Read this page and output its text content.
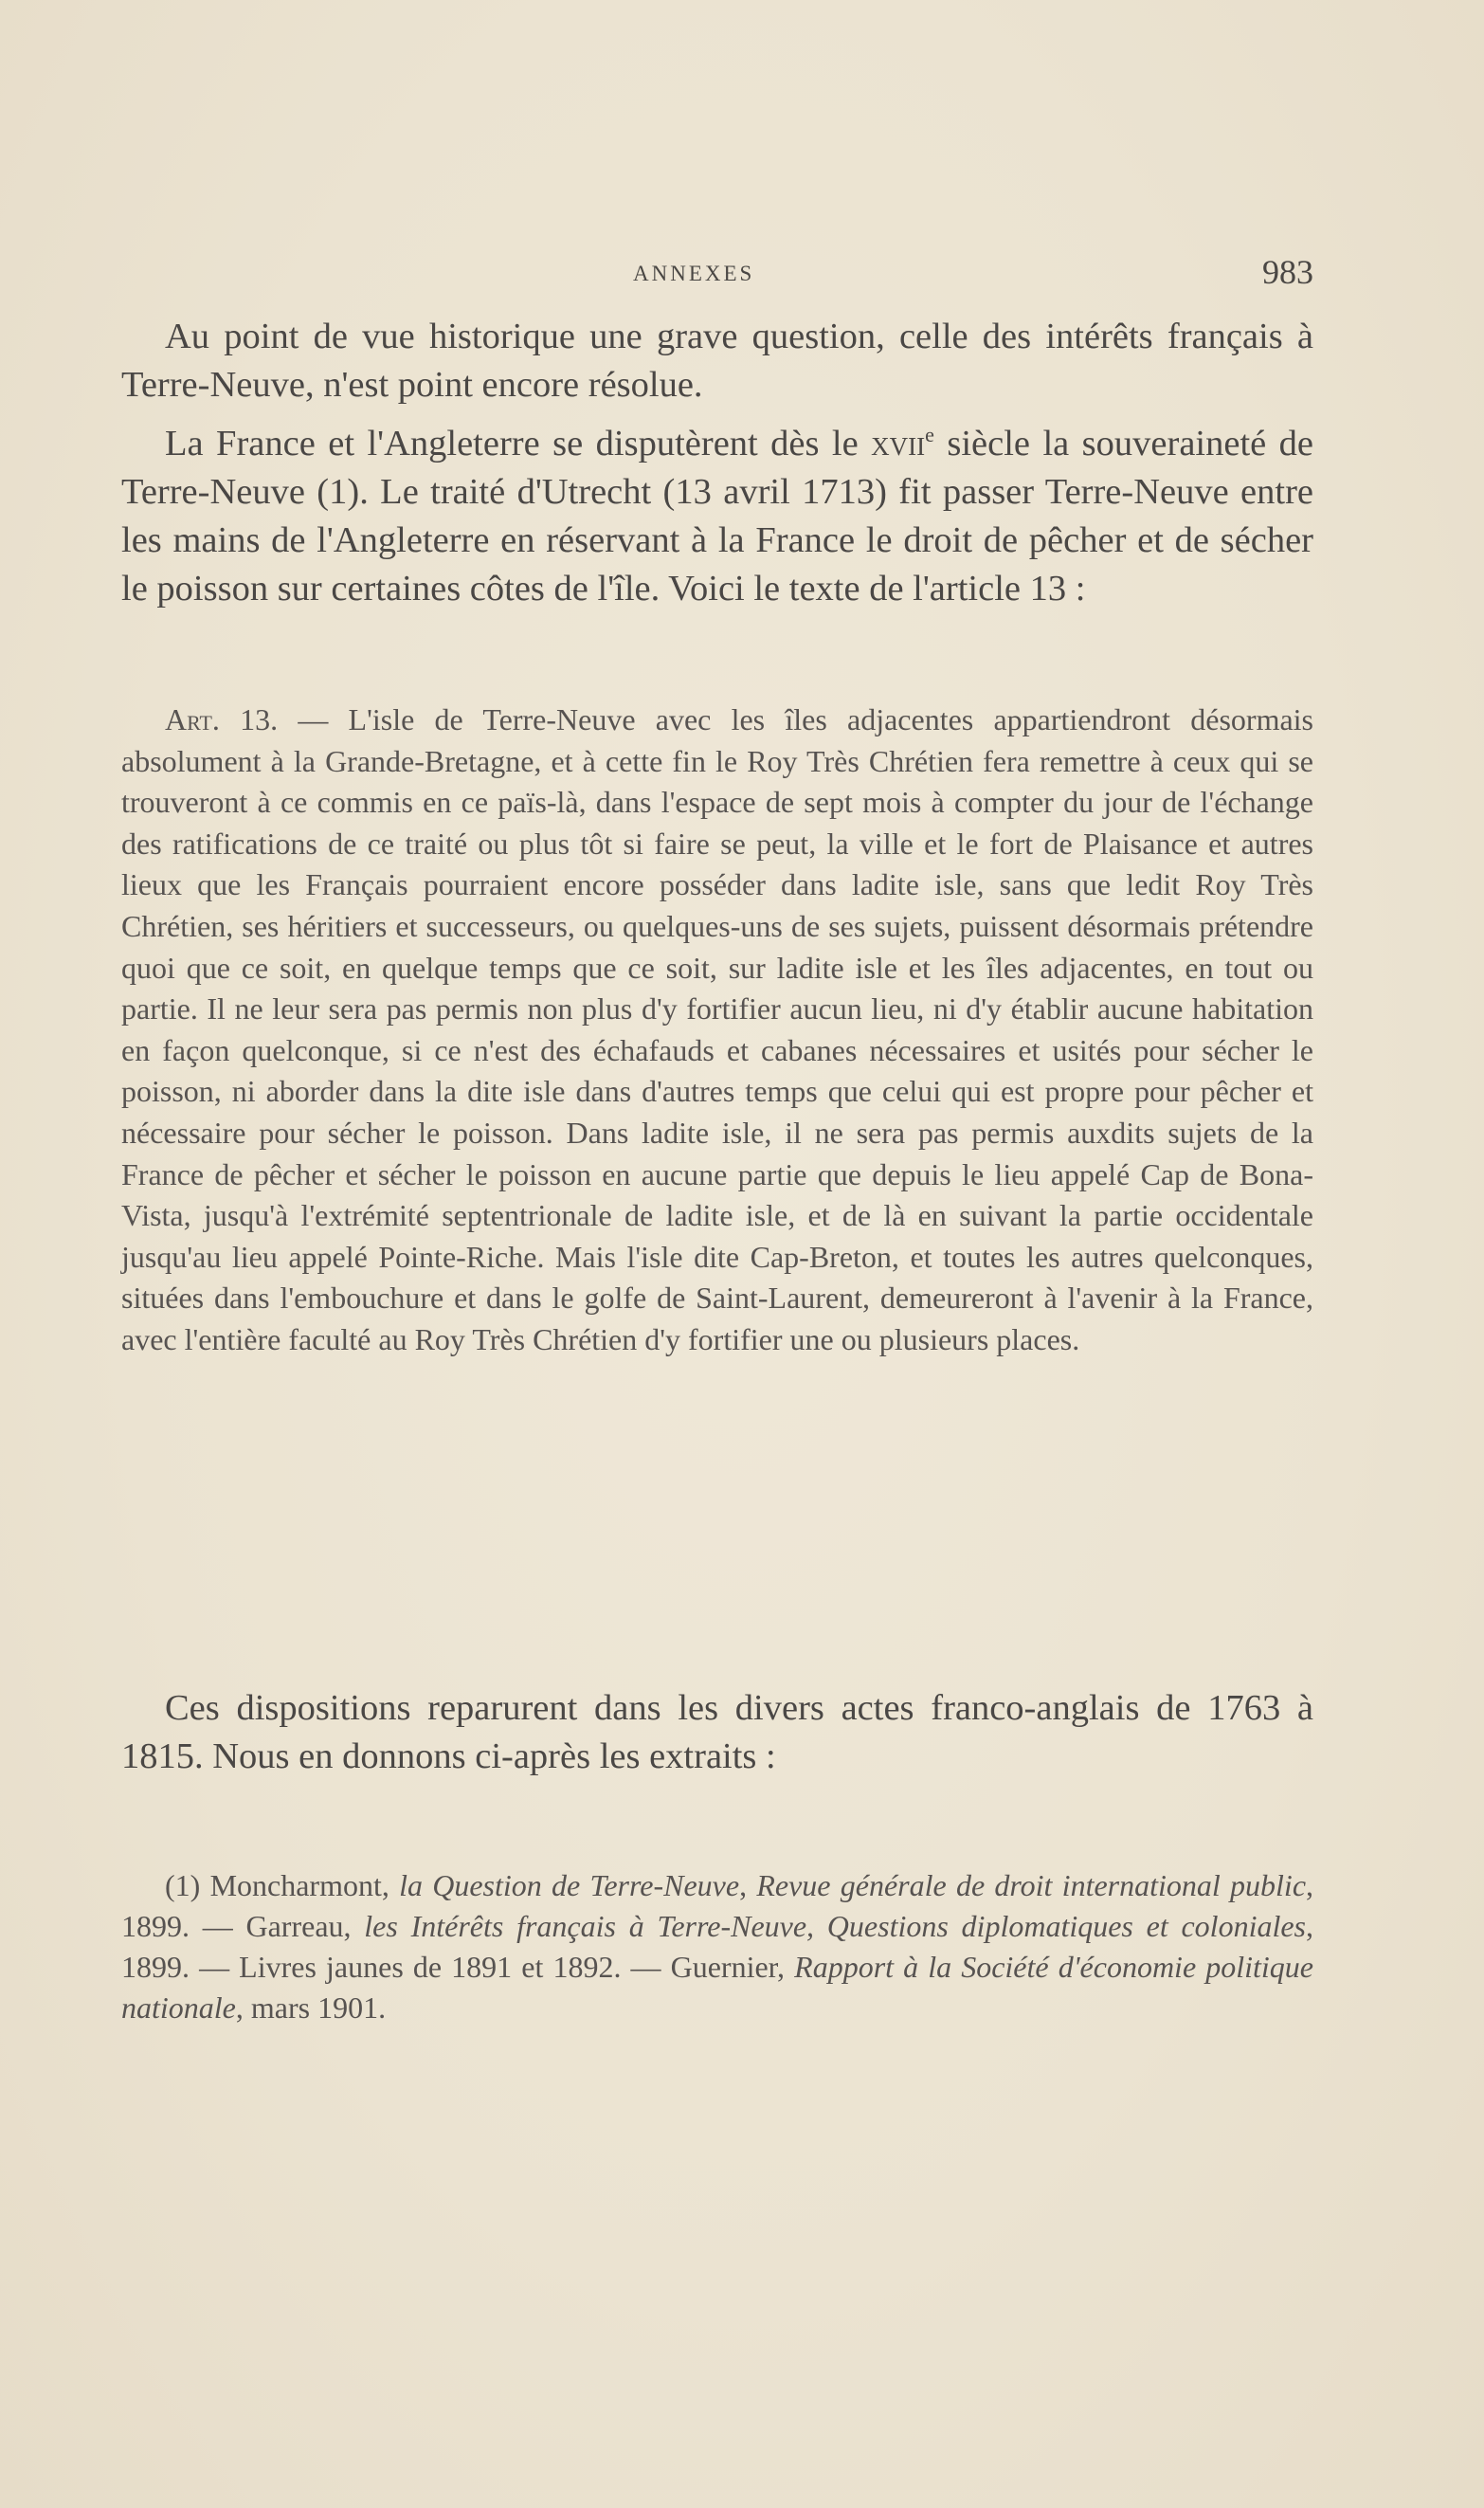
ANNEXES	983

Au point de vue historique une grave question, celle des intérêts français à Terre-Neuve, n'est point encore résolue.

La France et l'Angleterre se disputèrent dès le xvii$^e$ siècle la souveraineté de Terre-Neuve (1). Le traité d'Utrecht (13 avril 1713) fit passer Terre-Neuve entre les mains de l'Angleterre en réservant à la France le droit de pêcher et de sécher le poisson sur certaines côtes de l'île. Voici le texte de l'article 13 :

Art. 13. — L'isle de Terre-Neuve avec les îles adjacentes appartiendront désormais absolument à la Grande-Bretagne, et à cette fin le Roy Très Chrétien fera remettre à ceux qui se trouveront à ce commis en ce païs-là, dans l'espace de sept mois à compter du jour de l'échange des ratifications de ce traité ou plus tôt si faire se peut, la ville et le fort de Plaisance et autres lieux que les Français pourraient encore posséder dans ladite isle, sans que ledit Roy Très Chrétien, ses héritiers et successeurs, ou quelques-uns de ses sujets, puissent désormais prétendre quoi que ce soit, en quelque temps que ce soit, sur ladite isle et les îles adjacentes, en tout ou partie. Il ne leur sera pas permis non plus d'y fortifier aucun lieu, ni d'y établir aucune habitation en façon quelconque, si ce n'est des échafauds et cabanes nécessaires et usités pour sécher le poisson, ni aborder dans la dite isle dans d'autres temps que celui qui est propre pour pêcher et nécessaire pour sécher le poisson. Dans ladite isle, il ne sera pas permis auxdits sujets de la France de pêcher et sécher le poisson en aucune partie que depuis le lieu appelé Cap de Bona-Vista, jusqu'à l'extrémité septentrionale de ladite isle, et de là en suivant la partie occidentale jusqu'au lieu appelé Pointe-Riche. Mais l'isle dite Cap-Breton, et toutes les autres quelconques, situées dans l'embouchure et dans le golfe de Saint-Laurent, demeureront à l'avenir à la France, avec l'entière faculté au Roy Très Chrétien d'y fortifier une ou plusieurs places.

Ces dispositions reparurent dans les divers actes franco-anglais de 1763 à 1815. Nous en donnons ci-après les extraits :

(1) Moncharmont, la Question de Terre-Neuve, Revue générale de droit international public, 1899. — Garreau, les Intérêts français à Terre-Neuve, Questions diplomatiques et coloniales, 1899. — Livres jaunes de 1891 et 1892. — Guernier, Rapport à la Société d'économie politique nationale, mars 1901.
